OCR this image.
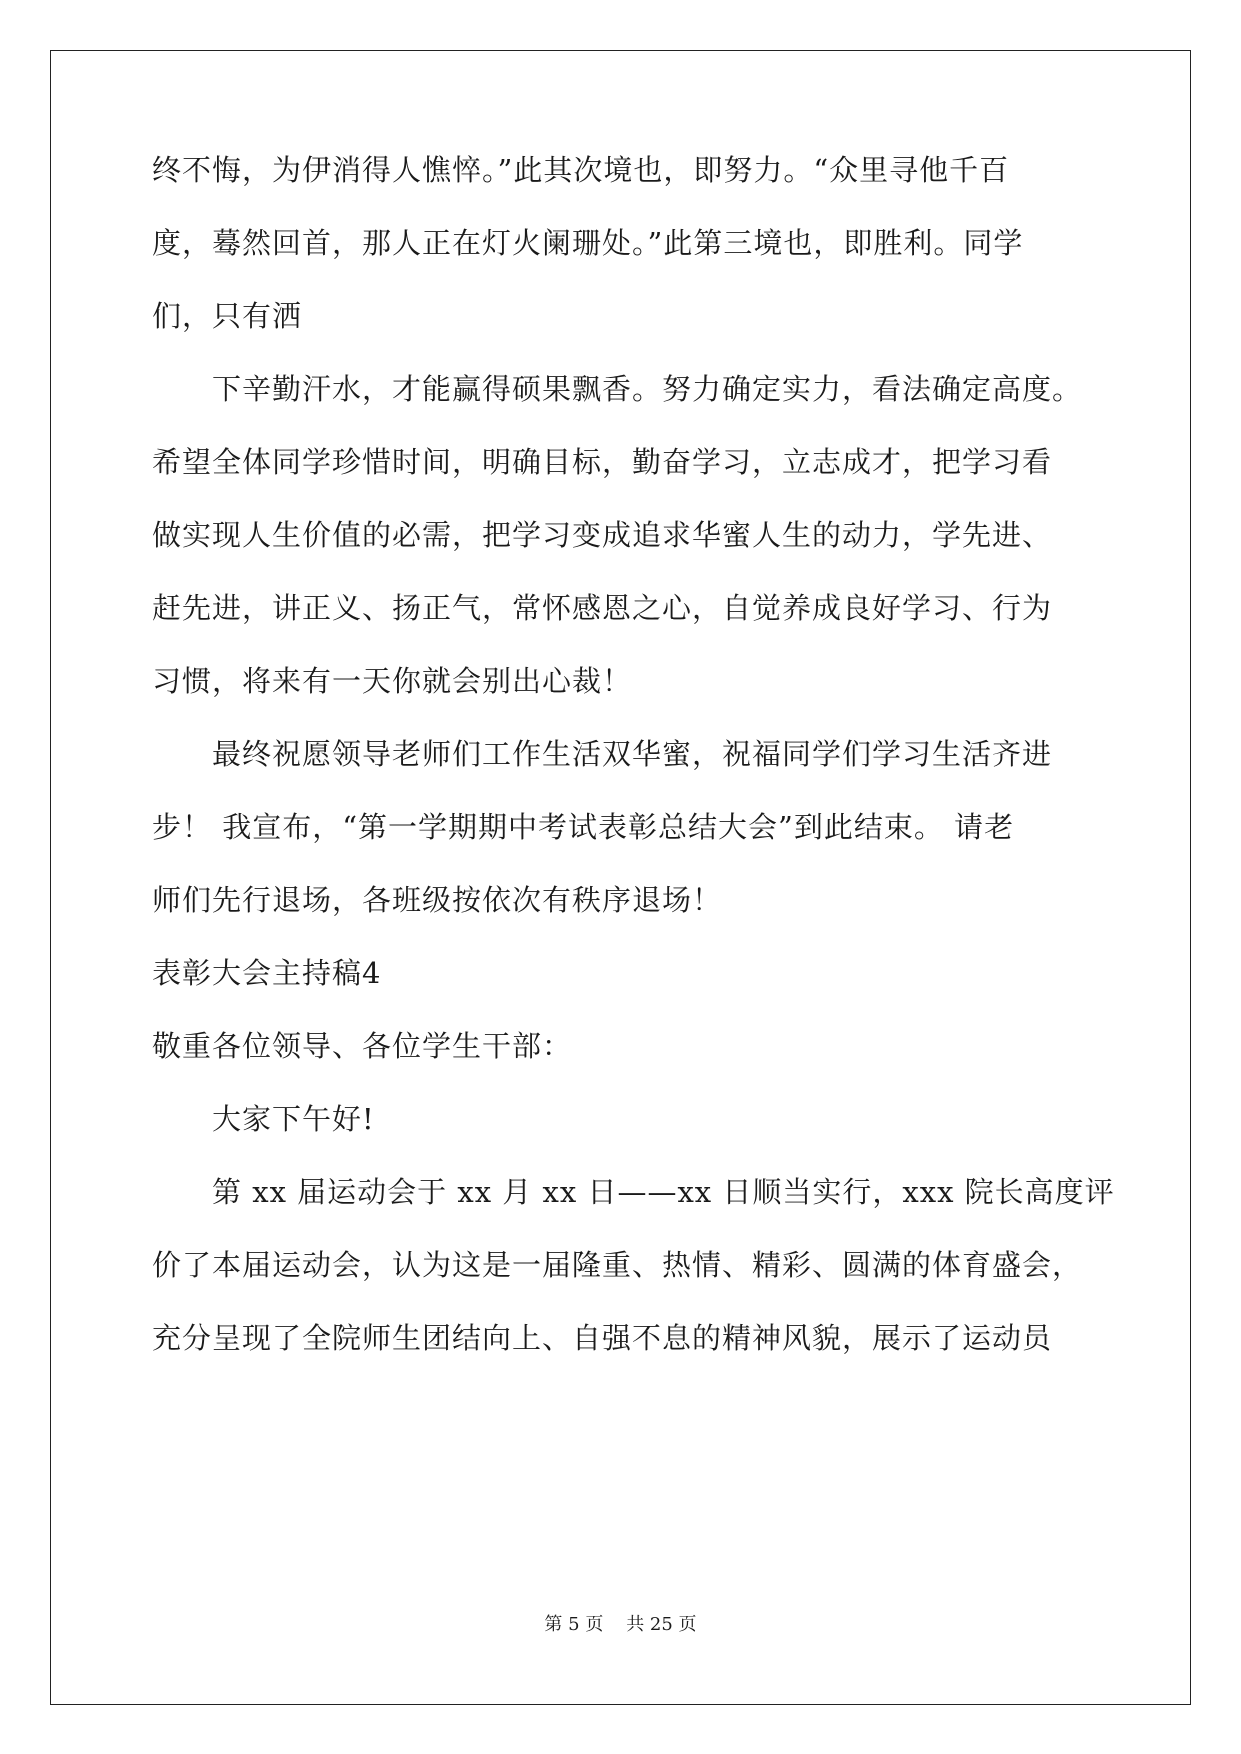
终不悔，为伊消得人憔悴。”此其次境也，即努力。“众里寻他千百
度，蓦然回首，那人正在灯火阑珊处。”此第三境也，即胜利。同学
们，只有洒
下辛勤汗水，才能赢得硕果飘香。努力确定实力，看法确定高度。
希望全体同学珍惜时间，明确目标，勤奋学习，立志成才，把学习看
做实现人生价值的必需，把学习变成追求华蜜人生的动力，学先进、
赶先进，讲正义、扬正气，常怀感恩之心，自觉养成良好学习、行为
习惯，将来有一天你就会别出心裁！
最终祝愿领导老师们工作生活双华蜜，祝福同学们学习生活齐进
步！ 我宣布，“第一学期期中考试表彰总结大会”到此结束。 请老
师们先行退场，各班级按依次有秩序退场！
表彰大会主持稿4
敬重各位领导、各位学生干部：
大家下午好!
第 xx 届运动会于 xx 月 xx 日——xx 日顺当实行，xxx 院长高度评
价了本届运动会，认为这是一届隆重、热情、精彩、圆满的体育盛会，
充分呈现了全院师生团结向上、自强不息的精神风貌，展示了运动员
第 5 页    共 25 页
